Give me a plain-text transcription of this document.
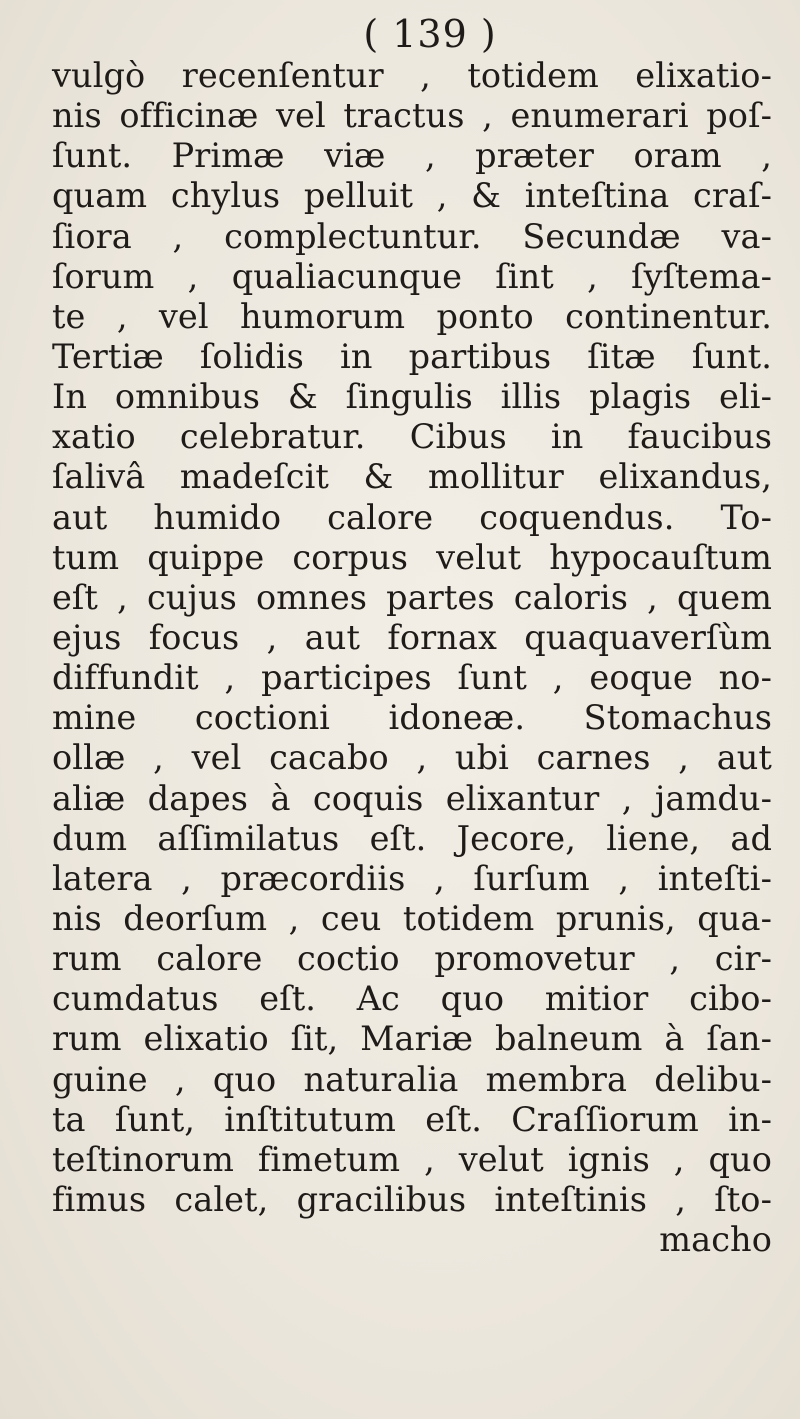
( 139 )
vulgò recenſentur , totidem elixatio-
nis officinæ vel tractus , enumerari poſ-
ſunt. Primæ viæ , præter oram ,
quam chylus pelluit , & inteſtina craſ-
ſiora , complectuntur. Secundæ va-
ſorum , qualiacunque ſint , ſyſtema-
te , vel humorum ponto continentur.
Tertiæ ſolidis in partibus ſitæ ſunt.
In omnibus & ſingulis illis plagis eli-
xatio celebratur. Cibus in faucibus
ſalivâ madeſcit & mollitur elixandus,
aut humido calore coquendus. To-
tum quippe corpus velut hypocauſtum
eſt , cujus omnes partes caloris , quem
ejus focus , aut fornax quaquaverſùm
diffundit , participes ſunt , eoque no-
mine coctioni idoneæ. Stomachus
ollæ , vel cacabo , ubi carnes , aut
aliæ dapes à coquis elixantur , jamdu-
dum aſſimilatus eſt. Jecore, liene, ad
latera , præcordiis , ſurſum , inteſti-
nis deorſum , ceu totidem prunis, qua-
rum calore coctio promovetur , cir-
cumdatus eſt. Ac quo mitior cibo-
rum elixatio ſit, Mariæ balneum à ſan-
guine , quo naturalia membra delibu-
ta ſunt, inſtitutum eſt. Craſſiorum in-
teſtinorum fimetum , velut ignis , quo
fimus calet, gracilibus inteſtinis , ſto-
macho
